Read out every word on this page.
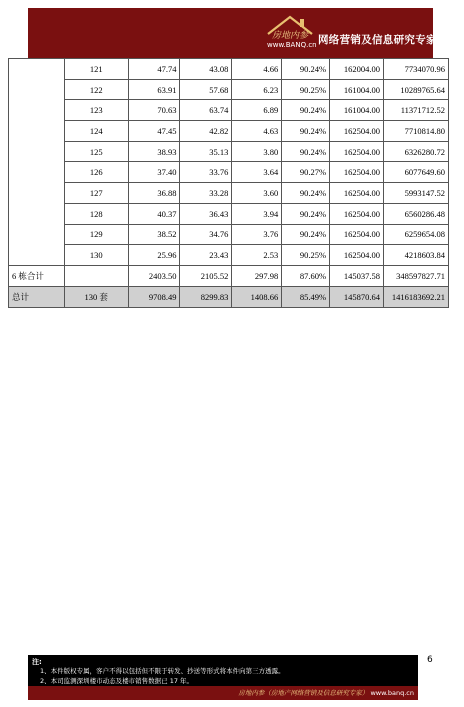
房地内参
www.BANQ.cn 网络营销及信息研究专家
	121	47.74	43.08	4.66	90.24%	162004.00	7734070.96
	122	63.91	57.68	6.23	90.25%	161004.00	10289765.64
	123	70.63	63.74	6.89	90.24%	161004.00	11371712.52
	124	47.45	42.82	4.63	90.24%	162504.00	7710814.80
	125	38.93	35.13	3.80	90.24%	162504.00	6326280.72
	126	37.40	33.76	3.64	90.27%	162504.00	6077649.60
	127	36.88	33.28	3.60	90.24%	162504.00	5993147.52
	128	40.37	36.43	3.94	90.24%	162504.00	6560286.48
	129	38.52	34.76	3.76	90.24%	162504.00	6259654.08
	130	25.96	23.43	2.53	90.25%	162504.00	4218603.84
6 栋合计		2403.50	2105.52	297.98	87.60%	145037.58	348597827.71
总计	130 套	9708.49	8299.83	1408.66	85.49%	145870.64	1416183692.21
6
注:
1、本件版权专属，客户不得以包括但不限于转发、抄送等形式将本件向第三方透露。
2、本司监测深圳楼市动态及楼市销售数据已 17 年。
房地内参（房地产网络营销及信息研究专家） www.banq.cn
